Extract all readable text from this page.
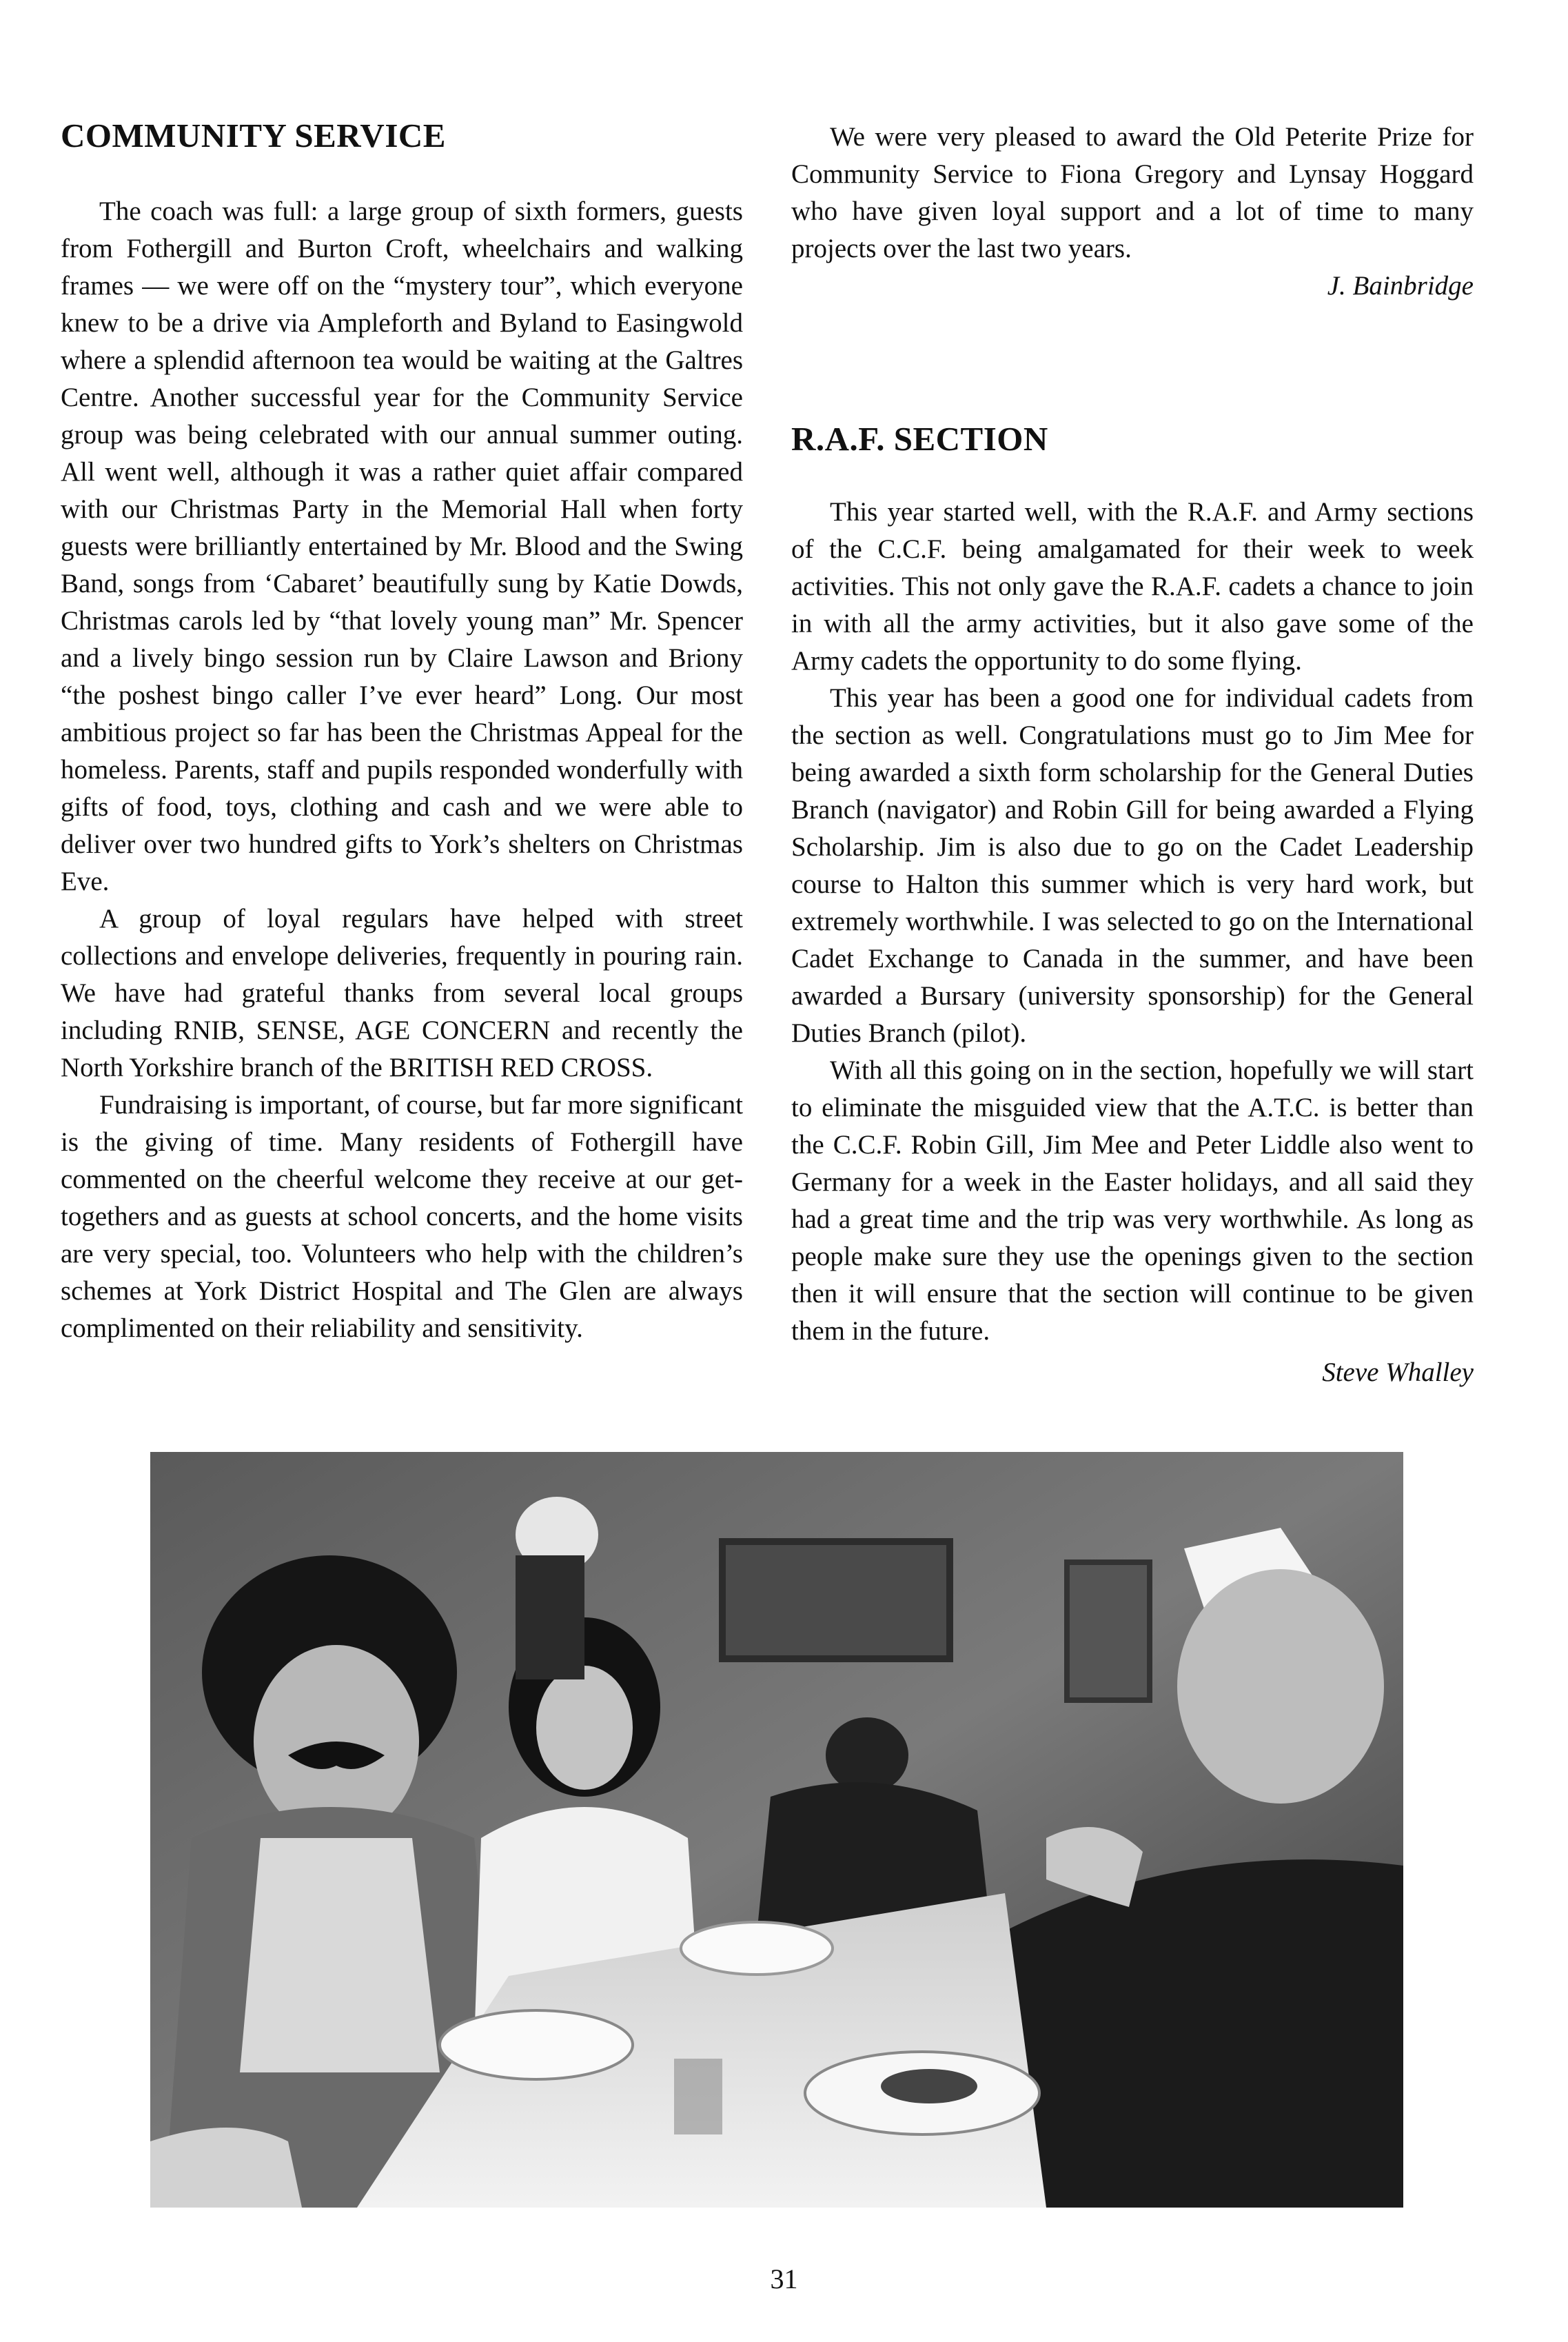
COMMUNITY SERVICE

The coach was full: a large group of sixth formers, guests from Fothergill and Burton Croft, wheelchairs and walking frames — we were off on the “mystery tour”, which everyone knew to be a drive via Ampleforth and Byland to Easingwold where a splendid afternoon tea would be waiting at the Galtres Centre. Another successful year for the Community Service group was being celebrated with our annual summer outing. All went well, although it was a rather quiet affair compared with our Christmas Party in the Memorial Hall when forty guests were brilliantly entertained by Mr. Blood and the Swing Band, songs from ‘Cabaret’ beautifully sung by Katie Dowds, Christmas carols led by “that lovely young man” Mr. Spencer and a lively bingo session run by Claire Lawson and Briony “the poshest bingo caller I’ve ever heard” Long. Our most ambitious project so far has been the Christmas Appeal for the homeless. Parents, staff and pupils responded wonderfully with gifts of food, toys, clothing and cash and we were able to deliver over two hundred gifts to York’s shelters on Christmas Eve.

A group of loyal regulars have helped with street collections and envelope deliveries, frequently in pouring rain. We have had grateful thanks from several local groups including RNIB, SENSE, AGE CONCERN and recently the North Yorkshire branch of the BRITISH RED CROSS.

Fundraising is important, of course, but far more significant is the giving of time. Many residents of Fothergill have commented on the cheerful welcome they receive at our get-togethers and as guests at school concerts, and the home visits are very special, too. Volunteers who help with the children’s schemes at York District Hospital and The Glen are always complimented on their reliability and sensitivity.

We were very pleased to award the Old Peterite Prize for Community Service to Fiona Gregory and Lynsay Hoggard who have given loyal support and a lot of time to many projects over the last two years.

J. Bainbridge

R.A.F. SECTION

This year started well, with the R.A.F. and Army sections of the C.C.F. being amalgamated for their week to week activities. This not only gave the R.A.F. cadets a chance to join in with all the army activities, but it also gave some of the Army cadets the opportunity to do some flying.

This year has been a good one for individual cadets from the section as well. Congratulations must go to Jim Mee for being awarded a sixth form scholarship for the General Duties Branch (navigator) and Robin Gill for being awarded a Flying Scholarship. Jim is also due to go on the Cadet Leadership course to Halton this summer which is very hard work, but extremely worthwhile. I was selected to go on the International Cadet Exchange to Canada in the summer, and have been awarded a Bursary (university sponsorship) for the General Duties Branch (pilot).

With all this going on in the section, hopefully we will start to eliminate the misguided view that the A.T.C. is better than the C.C.F. Robin Gill, Jim Mee and Peter Liddle also went to Germany for a week in the Easter holidays, and all said they had a great time and the trip was very worthwhile. As long as people make sure they use the openings given to the section then it will ensure that the section will continue to be given them in the future.

Steve Whalley

31
